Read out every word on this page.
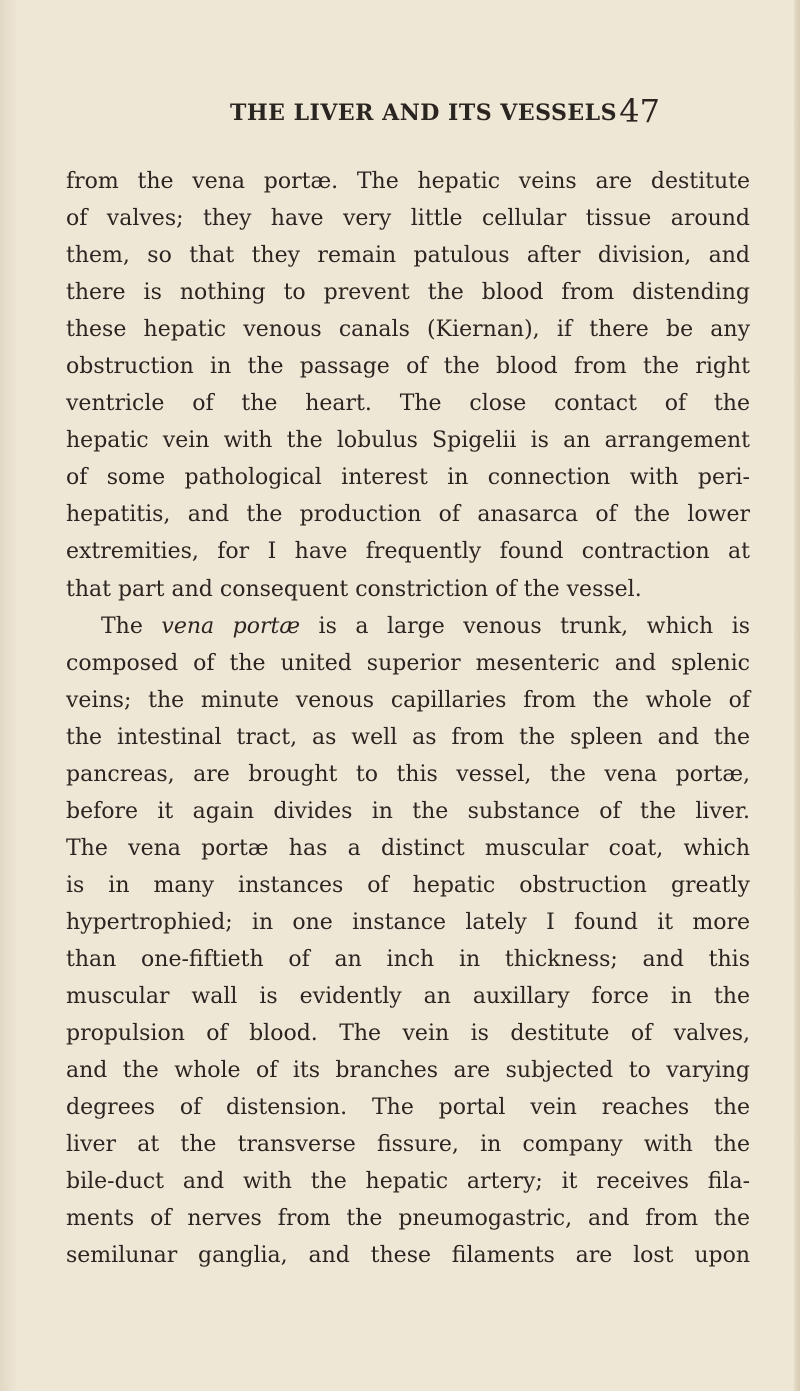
THE LIVER AND ITS VESSELS 47
from the vena portæ. The hepatic veins are destitute
of valves; they have very little cellular tissue around
them, so that they remain patulous after division, and
there is nothing to prevent the blood from distending
these hepatic venous canals (Kiernan), if there be any
obstruction in the passage of the blood from the right
ventricle of the heart. The close contact of the
hepatic vein with the lobulus Spigelii is an arrangement
of some pathological interest in connection with peri-
hepatitis, and the production of anasarca of the lower
extremities, for I have frequently found contraction at
that part and consequent constriction of the vessel.
The vena portæ is a large venous trunk, which is
composed of the united superior mesenteric and splenic
veins; the minute venous capillaries from the whole of
the intestinal tract, as well as from the spleen and the
pancreas, are brought to this vessel, the vena portæ,
before it again divides in the substance of the liver.
The vena portæ has a distinct muscular coat, which
is in many instances of hepatic obstruction greatly
hypertrophied; in one instance lately I found it more
than one-fiftieth of an inch in thickness; and this
muscular wall is evidently an auxillary force in the
propulsion of blood. The vein is destitute of valves,
and the whole of its branches are subjected to varying
degrees of distension. The portal vein reaches the
liver at the transverse fissure, in company with the
bile-duct and with the hepatic artery; it receives fila-
ments of nerves from the pneumogastric, and from the
semilunar ganglia, and these filaments are lost upon
